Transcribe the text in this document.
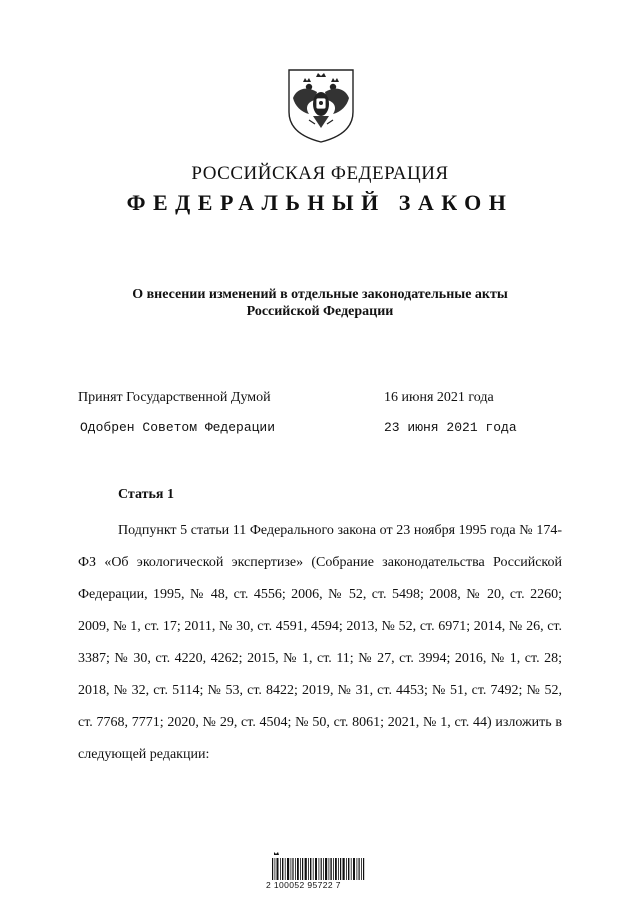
РОССИЙСКАЯ ФЕДЕРАЦИЯ
ФЕДЕРАЛЬНЫЙ ЗАКОН
О внесении изменений в отдельные законодательные акты
Российской Федерации
Принят Государственной Думой	16 июня 2021 года
Одобрен Советом Федерации	23 июня 2021 года
Статья 1

Подпункт 5 статьи 11 Федерального закона от 23 ноября 1995 года № 174-ФЗ «Об экологической экспертизе» (Собрание законодательства Российской Федерации, 1995, № 48, ст. 4556; 2006, № 52, ст. 5498; 2008, № 20, ст. 2260; 2009, № 1, ст. 17; 2011, № 30, ст. 4591, 4594; 2013, № 52, ст. 6971; 2014, № 26, ст. 3387; № 30, ст. 4220, 4262; 2015, № 1, ст. 11; № 27, ст. 3994; 2016, № 1, ст. 28; 2018, № 32, ст. 5114; № 53, ст. 8422; 2019, № 31, ст. 4453; № 51, ст. 7492; № 52, ст. 7768, 7771; 2020, № 29, ст. 4504; № 50, ст. 8061; 2021, № 1, ст. 44) изложить в следующей редакции:

2 100052 95722 7
